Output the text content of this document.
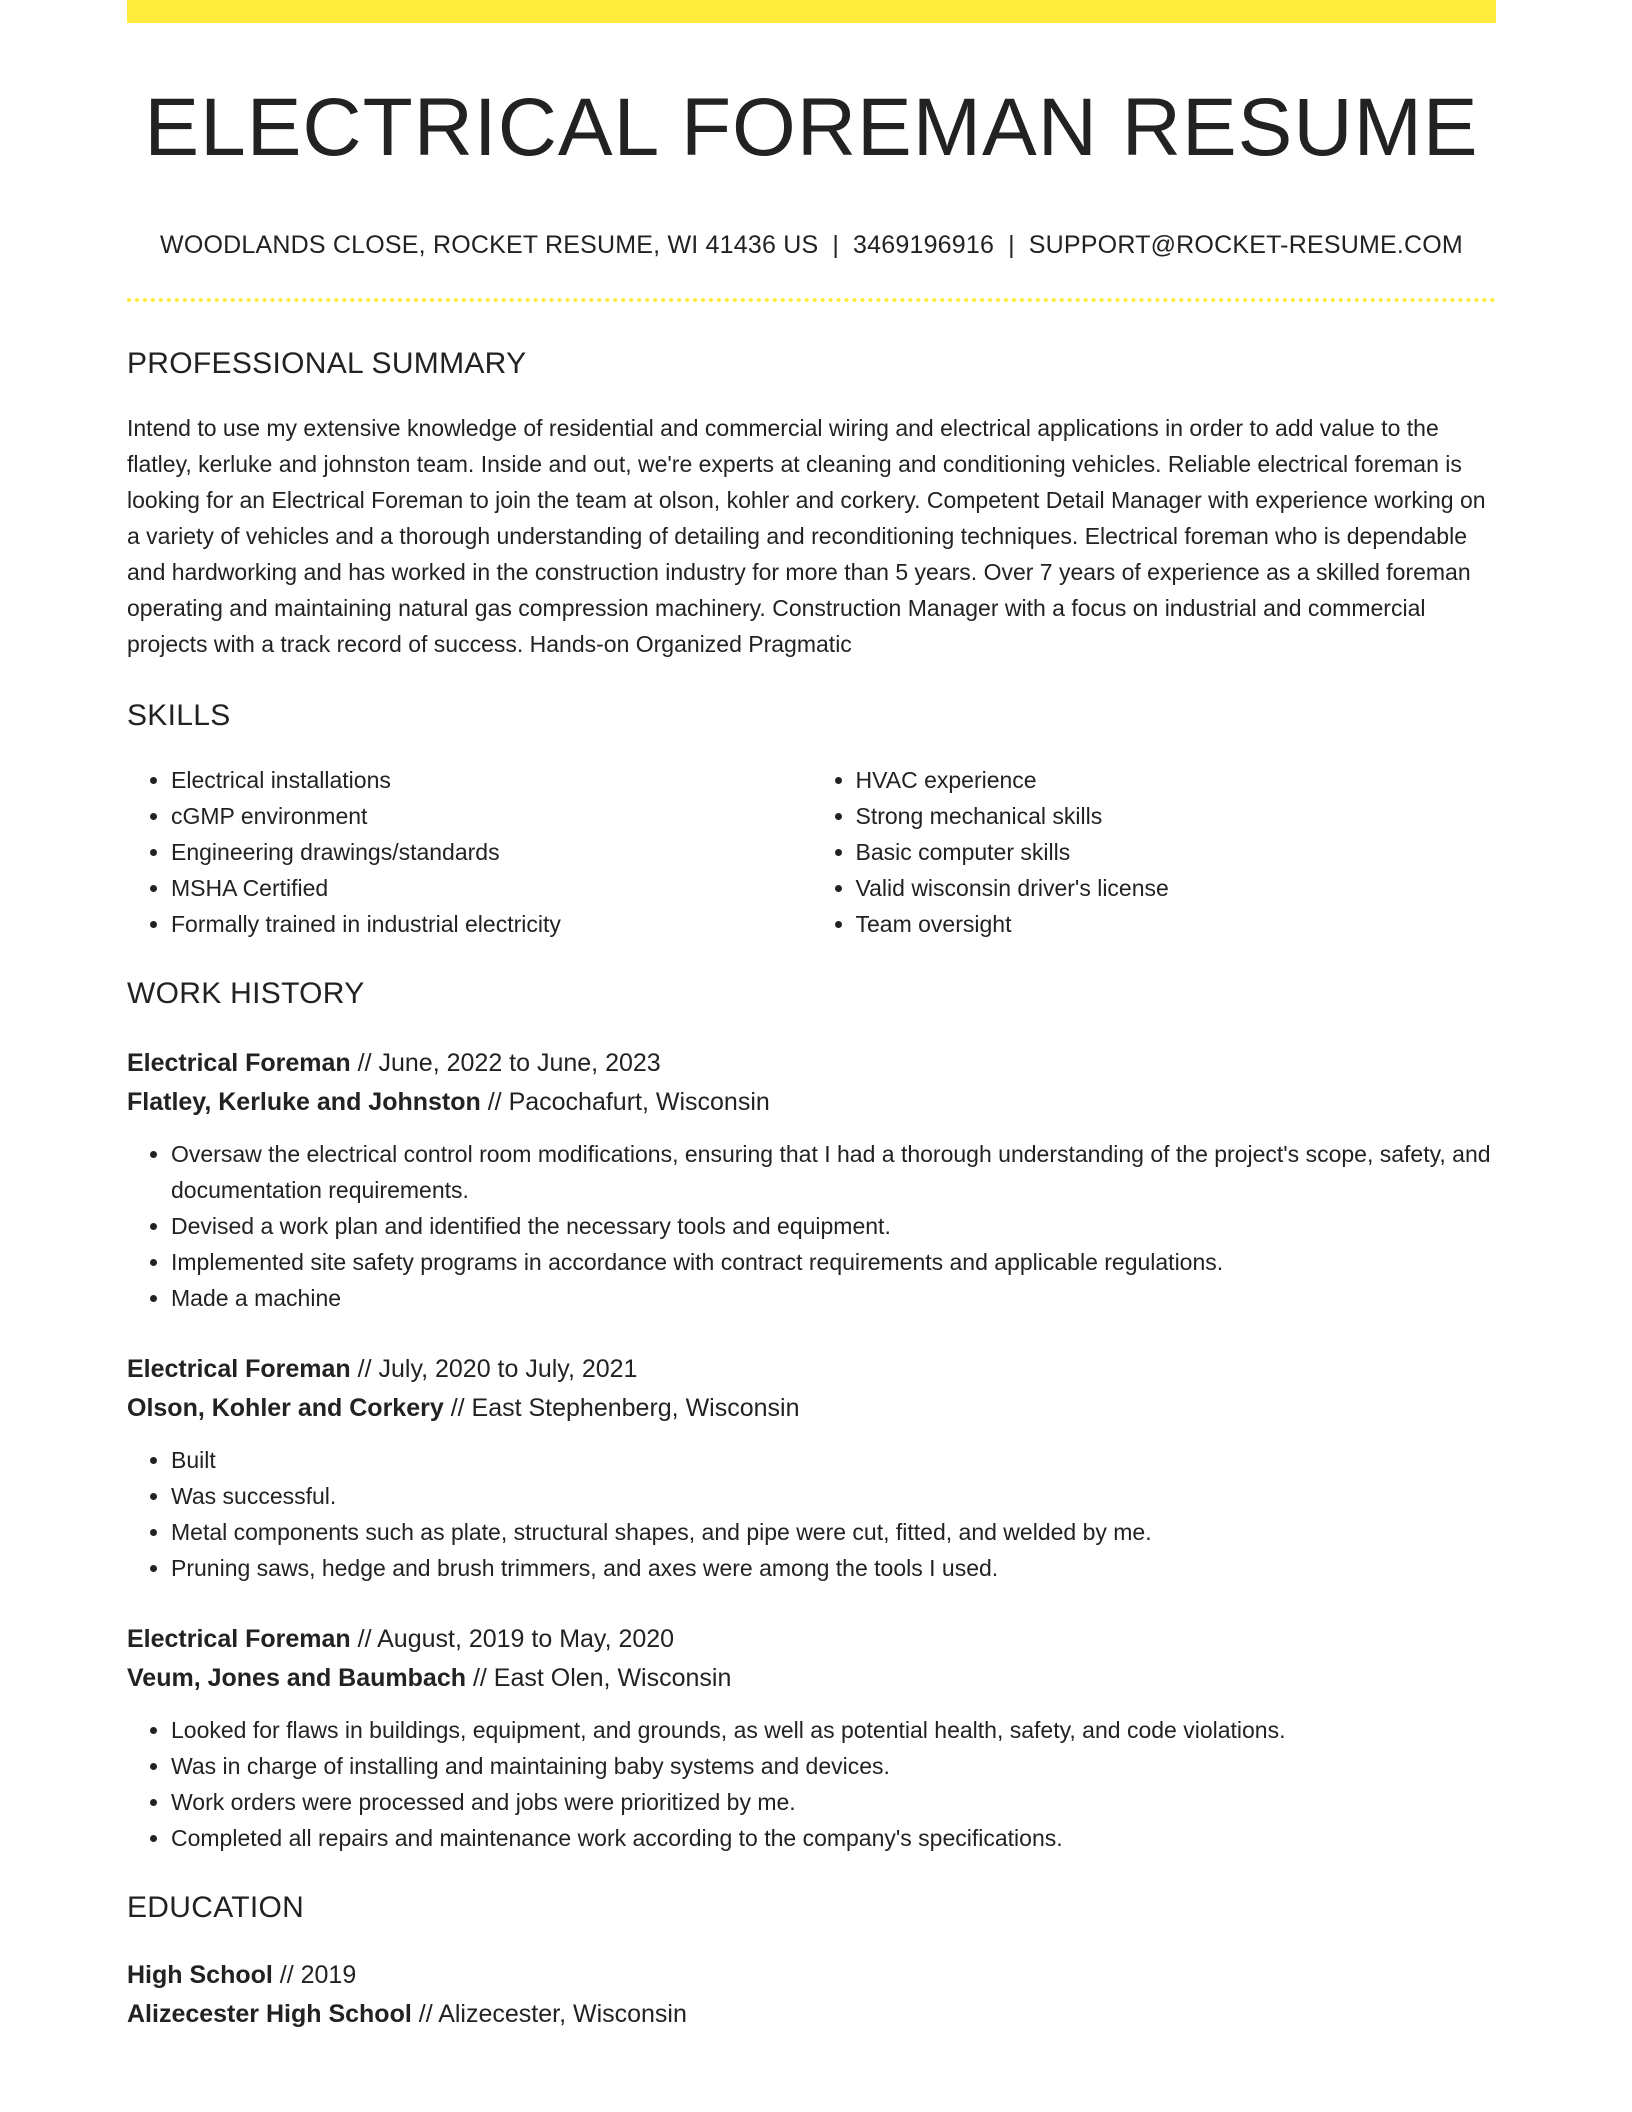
ELECTRICAL FOREMAN RESUME
WOODLANDS CLOSE, ROCKET RESUME, WI 41436 US | 3469196916 | SUPPORT@ROCKET-RESUME.COM
PROFESSIONAL SUMMARY

Intend to use my extensive knowledge of residential and commercial wiring and electrical applications in order to add value to the flatley, kerluke and johnston team. Inside and out, we're experts at cleaning and conditioning vehicles. Reliable electrical foreman is looking for an Electrical Foreman to join the team at olson, kohler and corkery. Competent Detail Manager with experience working on a variety of vehicles and a thorough understanding of detailing and reconditioning techniques. Electrical foreman who is dependable and hardworking and has worked in the construction industry for more than 5 years. Over 7 years of experience as a skilled foreman operating and maintaining natural gas compression machinery. Construction Manager with a focus on industrial and commercial projects with a track record of success. Hands-on Organized Pragmatic

SKILLS
• Electrical installations
• cGMP environment
• Engineering drawings/standards
• MSHA Certified
• Formally trained in industrial electricity
• HVAC experience
• Strong mechanical skills
• Basic computer skills
• Valid wisconsin driver's license
• Team oversight
WORK HISTORY
Electrical Foreman // June, 2022 to June, 2023
Flatley, Kerluke and Johnston // Pacochafurt, Wisconsin
• Oversaw the electrical control room modifications, ensuring that I had a thorough understanding of the project's scope, safety, and documentation requirements.
• Devised a work plan and identified the necessary tools and equipment.
• Implemented site safety programs in accordance with contract requirements and applicable regulations.
• Made a machine
Electrical Foreman // July, 2020 to July, 2021
Olson, Kohler and Corkery // East Stephenberg, Wisconsin
• Built
• Was successful.
• Metal components such as plate, structural shapes, and pipe were cut, fitted, and welded by me.
• Pruning saws, hedge and brush trimmers, and axes were among the tools I used.
Electrical Foreman // August, 2019 to May, 2020
Veum, Jones and Baumbach // East Olen, Wisconsin
• Looked for flaws in buildings, equipment, and grounds, as well as potential health, safety, and code violations.
• Was in charge of installing and maintaining baby systems and devices.
• Work orders were processed and jobs were prioritized by me.
• Completed all repairs and maintenance work according to the company's specifications.
EDUCATION
High School // 2019
Alizecester High School // Alizecester, Wisconsin
